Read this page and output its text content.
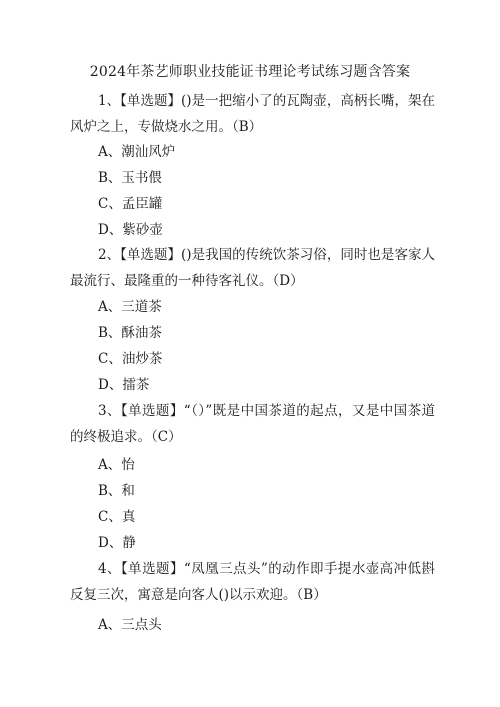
2024年茶艺师职业技能证书理论考试练习题含答案

1、【单选题】()是一把缩小了的瓦陶壶，高柄长嘴，架在风炉之上，专做烧水之用。（B）

A、潮汕风炉
B、玉书偎
C、孟臣罐
D、紫砂壶

2、【单选题】()是我国的传统饮茶习俗，同时也是客家人最流行、最隆重的一种待客礼仪。（D）

A、三道茶
B、酥油茶
C、油炒茶
D、擂茶

3、【单选题】“（）”既是中国茶道的起点，又是中国茶道的终极追求。（C）

A、怡
B、和
C、真
D、静

4、【单选题】“凤凰三点头”的动作即手提水壶高冲低斟反复三次，寓意是向客人()以示欢迎。（B）

A、三点头
